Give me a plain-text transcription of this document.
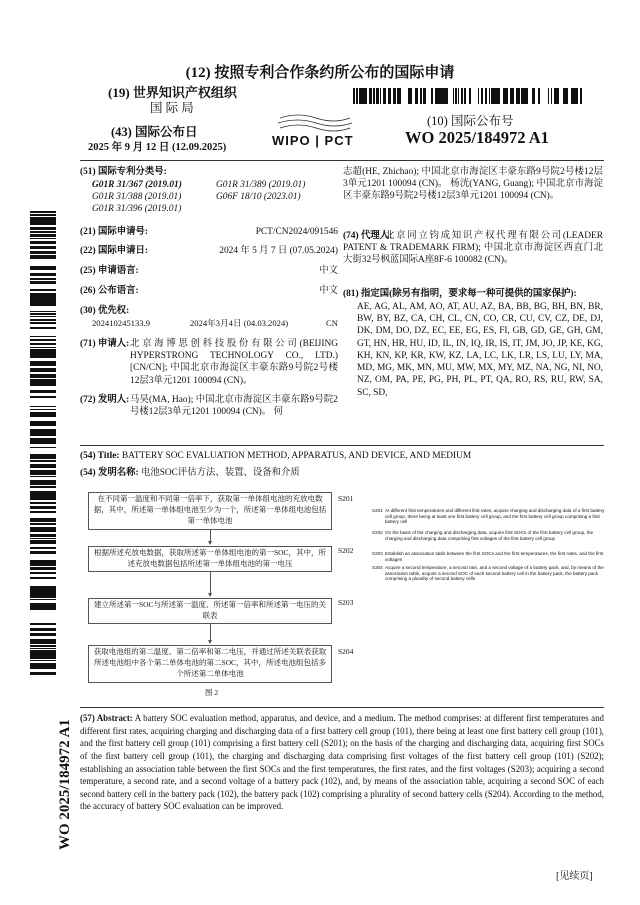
(12) 按照专利合作条约所公布的国际申请
(19) 世界知识产权组织
国 际 局
(43) 国际公布日
2025 年 9 月 12 日 (12.09.2025)	WIPO | PCT
(10) 国际公布号
WO 2025/184972 A1
WO 2025/184972 A1
(51) 国际专利分类号:
G01R 31/367 (2019.01)	G01R 31/389 (2019.01)
G01R 31/388 (2019.01)	G06F 18/10 (2023.01)
G01R 31/396 (2019.01)
(21) 国际申请号:	PCT/CN2024/091546
(22) 国际申请日:	2024 年 5 月 7 日 (07.05.2024)
(25) 申请语言:	中文
(26) 公布语言:	中文
(30) 优先权:
202410245133.9	2024年3月4日 (04.03.2024)	CN
(71) 申请人: 北京海博思创科技股份有限公司(BEIJING HYPERSTRONG TECHNOLOGY CO., LTD.) [CN/CN]; 中国北京市海淀区丰豪东路9号院2号楼12层3单元1201 100094 (CN)。

(72) 发明人: 马昊(MA, Hao); 中国北京市海淀区丰豪东路9号院2号楼12层3单元1201 100094 (CN)。 何

志超(HE, Zhichao); 中国北京市海淀区丰豪东路9号院2号楼12层3单元1201 100094 (CN)。 杨洸(YANG, Guang); 中国北京市海淀区丰豪东路9号院2号楼12层3单元1201 100094 (CN)。

(74) 代理人:

北京同立钧成知识产权代理有限公司(LEADER PATENT & TRADEMARK FIRM); 中国北京市海淀区西直门北大街32号枫蓝国际A座8F-6 100082 (CN)。

(81) 指定国(除另有指明，要求每一种可提供的国家保护):

AE, AG, AL, AM, AO, AT, AU, AZ, BA, BB, BG, BH, BN, BR, BW, BY, BZ, CA, CH, CL, CN, CO, CR, CU, CV, CZ, DE, DJ, DK, DM, DO, DZ, EC, EE, EG, ES, FI, GB, GD, GE, GH, GM, GT, HN, HR, HU, ID, IL, IN, IQ, IR, IS, IT, JM, JO, JP, KE, KG, KH, KN, KP, KR, KW, KZ, LA, LC, LK, LR, LS, LU, LY, MA, MD, MG, MK, MN, MU, MW, MX, MY, MZ, NA, NG, NI, NO, NZ, OM, PA, PE, PG, PH, PL, PT, QA, RO, RS, RU, RW, SA, SC, SD,

(54) Title: BATTERY SOC EVALUATION METHOD, APPARATUS, AND DEVICE, AND MEDIUM
(54) 发明名称: 电池SOC评估方法、装置、设备和介质
在不同第一温度和不同第一倍率下，获取第一单体组电池的充放电数据，其中，所述第一单体组电池至少为一个，所述第一单体组电池包括第一单体电池
S201
根据所述充放电数据，获取所述第一单体组电池的第一SOC，其中，所述充放电数据包括所述第一单体组电池的第一电压
S202
建立所述第一SOC与所述第一温度、所述第一倍率和所述第一电压的关联表
S203
获取电池组的第二温度、第二倍率和第二电压，并通过所述关联表获取所述电池组中各个第二单体电池的第二SOC，其中，所述电池组包括多个所述第二单体电池
S204
图 2
S201 At different first temperatures and different first rates, acquire charging and discharging data of a first battery cell group, there being at least one first battery cell group, and the first battery cell group comprising a first battery cell
S202 On the basis of the charging and discharging data, acquire first SOCs of the first battery cell group, the charging and discharging data comprising first voltages of the first battery cell group
S203 Establish an association table between the first SOCs and the first temperatures, the first rates, and the first voltages
S204 Acquire a second temperature, a second rate, and a second voltage of a battery pack, and, by means of the association table, acquire a second SOC of each second battery cell in the battery pack, the battery pack comprising a plurality of second battery cells

(57) Abstract: A battery SOC evaluation method, apparatus, and device, and a medium. The method comprises: at different first temperatures and different first rates, acquiring charging and discharging data of a first battery cell group (101), there being at least one first battery cell group (101), and the first battery cell group (101) comprising a first battery cell (S201); on the basis of the charging and discharging data, acquiring first SOCs of the first battery cell group (101), the charging and discharging data comprising first voltages of the first battery cell group (101) (S202); establishing an association table between the first SOCs and the first temperatures, the first rates, and the first voltages (S203); acquiring a second temperature, a second rate, and a second voltage of a battery pack (102), and, by means of the association table, acquiring a second SOC of each second battery cell in the battery pack (102), the battery pack (102) comprising a plurality of second battery cells (S204). According to the method, the accuracy of battery SOC evaluation can be improved.

[见续页]
